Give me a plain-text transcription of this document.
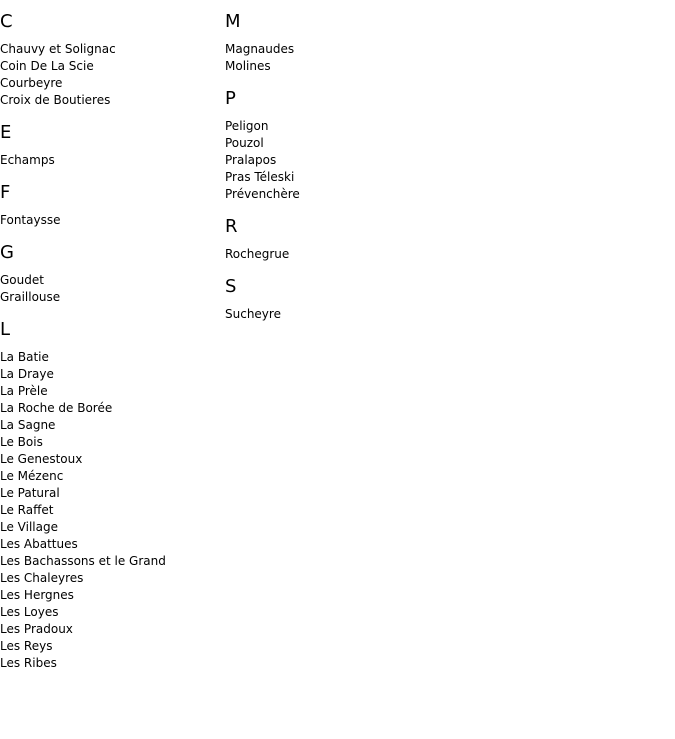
C
Chauvy et Solignac
Coin De La Scie
Courbeyre
Croix de Boutieres
E
Echamps
F
Fontaysse
G
Goudet
Graillouse
L
La Batie
La Draye
La Prèle
La Roche de Borée
La Sagne
Le Bois
Le Genestoux
Le Mézenc
Le Patural
Le Raffet
Le Village
Les Abattues
Les Bachassons et le Grand
Les Chaleyres
Les Hergnes
Les Loyes
Les Pradoux
Les Reys
Les Ribes
M
Magnaudes
Molines
P
Peligon
Pouzol
Pralapos
Pras Téleski
Prévenchère
R
Rochegrue
S
Sucheyre
